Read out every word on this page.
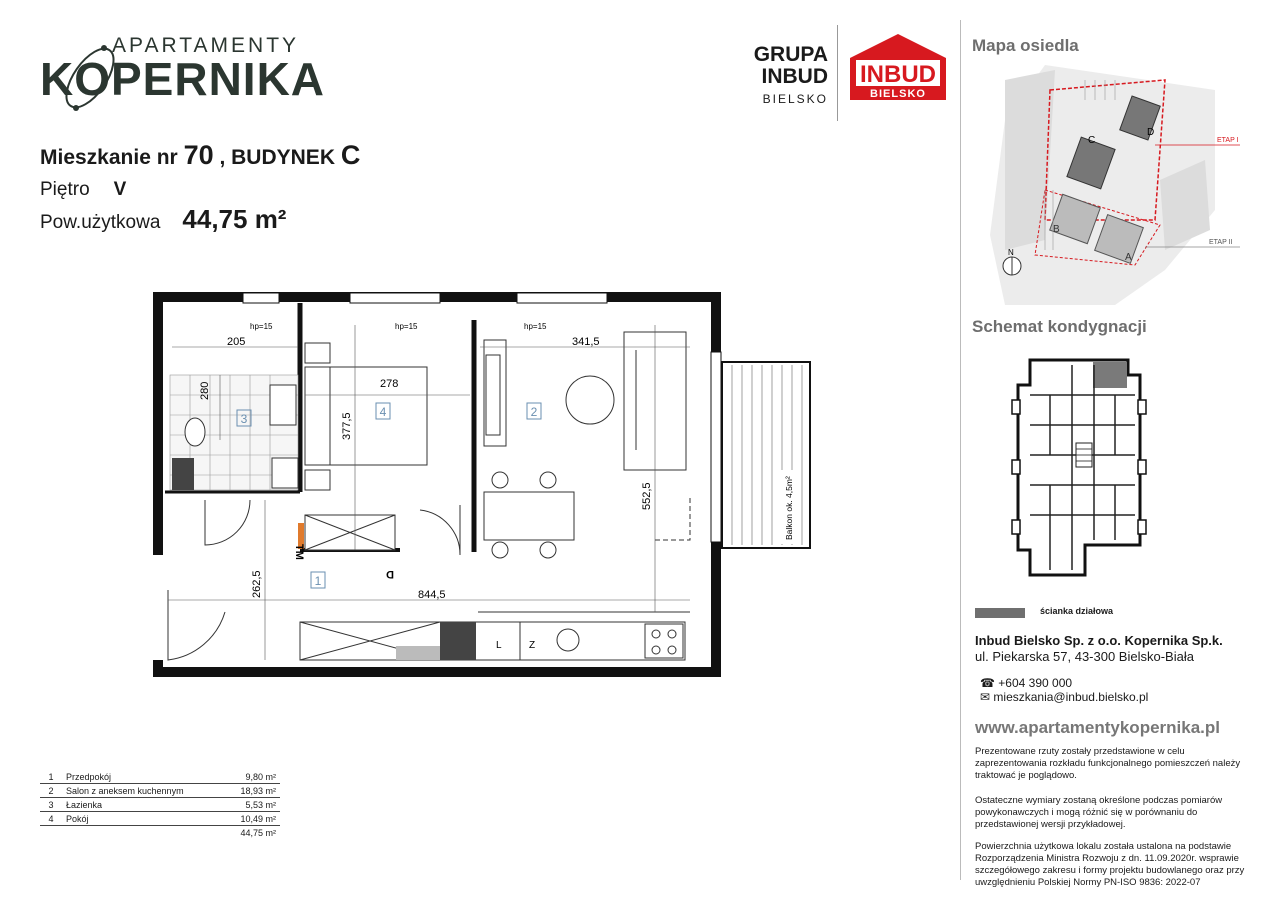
APARTAMENTY
KOPERNIKA
Mieszkanie nr 70 , BUDYNEK C
Piętro V
Pow.użytkowa 44,75 m²
GRUPA
INBUD
BIELSKO
INBUD
BIELSKO
205
280	278
377,5
341,5
552,5
262,5	844,5
hp=15	hp=15	hp=15
1
2
3	4
TM
D
L	Z
Balkon ok. 4,5m²
1	Przedpokój	9,80 m²
2	Salon z aneksem kuchennym	18,93 m²
3	Łazienka	5,53 m²
4	Pokój	10,49 m²
		44,75 m²
Mapa osiedla
ETAP I
ETAP II
C
D
B
A
N
Schemat kondygnacji
ścianka działowa
Inbud Bielsko Sp. z o.o. Kopernika Sp.k.
ul. Piekarska 57, 43-300 Bielsko-Biała
☎ +604 390 000
✉ mieszkania@inbud.bielsko.pl
www.apartamentykopernika.pl
Prezentowane rzuty zostały przedstawione w celu zaprezentowania rozkładu funkcjonalnego pomieszczeń należy traktować je poglądowo.
Ostateczne wymiary zostaną określone podczas pomiarów powykonawczych i mogą różnić się w porównaniu do przedstawionej wersji przykładowej.
Powierzchnia użytkowa lokalu została ustalona na podstawie Rozporządzenia Ministra Rozwoju z dn. 11.09.2020r. wsprawie szczegółowego zakresu i formy projektu budowlanego oraz przy uwzględnieniu Polskiej Normy PN-ISO 9836: 2022-07
